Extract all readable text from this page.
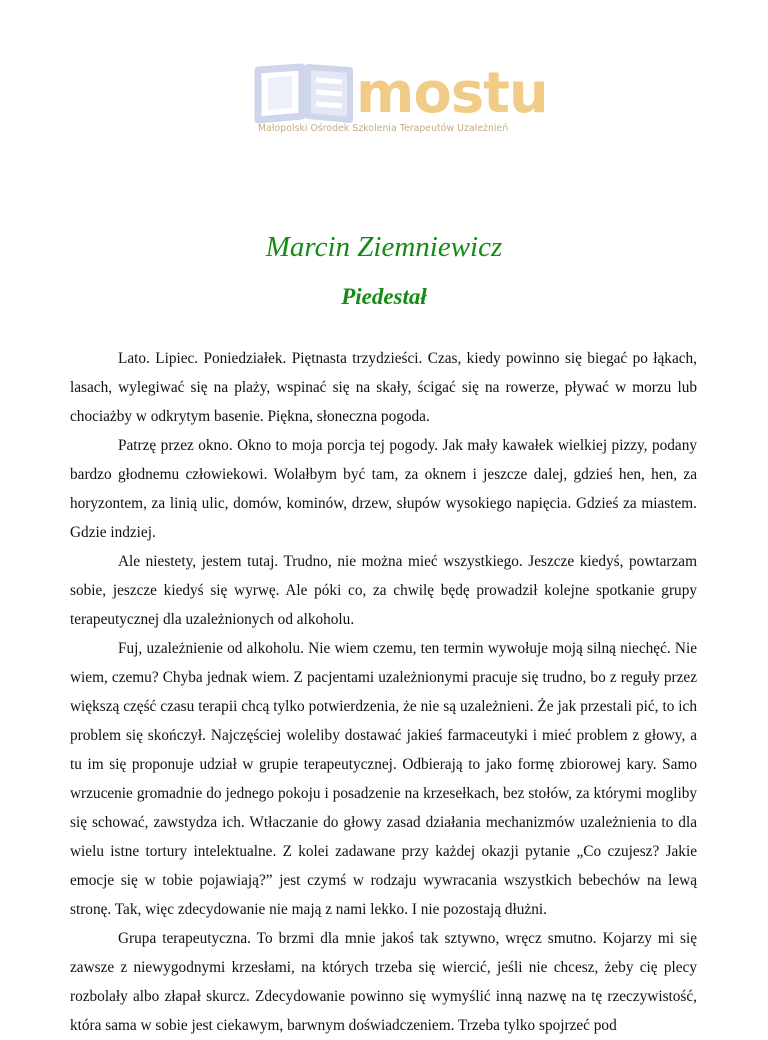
mostu
Małopolski Ośrodek Szkolenia Terapeutów Uzależnień
Marcin Ziemniewicz
Piedestał

Lato. Lipiec. Poniedziałek. Piętnasta trzydzieści. Czas, kiedy powinno się biegać po łąkach, lasach, wylegiwać się na plaży, wspinać się na skały, ścigać się na rowerze, pływać w morzu lub chociażby w odkrytym basenie. Piękna, słoneczna pogoda.

Patrzę przez okno. Okno to moja porcja tej pogody. Jak mały kawałek wielkiej pizzy, podany bardzo głodnemu człowiekowi. Wolałbym być tam, za oknem i jeszcze dalej, gdzieś hen, hen, za horyzontem, za linią ulic, domów, kominów, drzew, słupów wysokiego napięcia. Gdzieś za miastem. Gdzie indziej.

Ale niestety, jestem tutaj. Trudno, nie można mieć wszystkiego. Jeszcze kiedyś, powtarzam sobie, jeszcze kiedyś się wyrwę. Ale póki co, za chwilę będę prowadził kolejne spotkanie grupy terapeutycznej dla uzależnionych od alkoholu.

Fuj, uzależnienie od alkoholu. Nie wiem czemu, ten termin wywołuje moją silną niechęć. Nie wiem, czemu? Chyba jednak wiem. Z pacjentami uzależnionymi pracuje się trudno, bo z reguły przez większą część czasu terapii chcą tylko potwierdzenia, że nie są uzależnieni. Że jak przestali pić, to ich problem się skończył. Najczęściej woleliby dostawać jakieś farmaceutyki i mieć problem z głowy, a tu im się proponuje udział w grupie terapeutycznej. Odbierają to jako formę zbiorowej kary. Samo wrzucenie gromadnie do jednego pokoju i posadzenie na krzesełkach, bez stołów, za którymi mogliby się schować, zawstydza ich. Wtłaczanie do głowy zasad działania mechanizmów uzależnienia to dla wielu istne tortury intelektualne. Z kolei zadawane przy każdej okazji pytanie „Co czujesz? Jakie emocje się w tobie pojawiają?” jest czymś w rodzaju wywracania wszystkich bebechów na lewą stronę. Tak, więc zdecydowanie nie mają z nami lekko. I nie pozostają dłużni.

Grupa terapeutyczna. To brzmi dla mnie jakoś tak sztywno, wręcz smutno. Kojarzy mi się zawsze z niewygodnymi krzesłami, na których trzeba się wiercić, jeśli nie chcesz, żeby cię plecy rozbolały albo złapał skurcz. Zdecydowanie powinno się wymyślić inną nazwę na tę rzeczywistość, która sama w sobie jest ciekawym, barwnym doświadczeniem. Trzeba tylko spojrzeć pod
